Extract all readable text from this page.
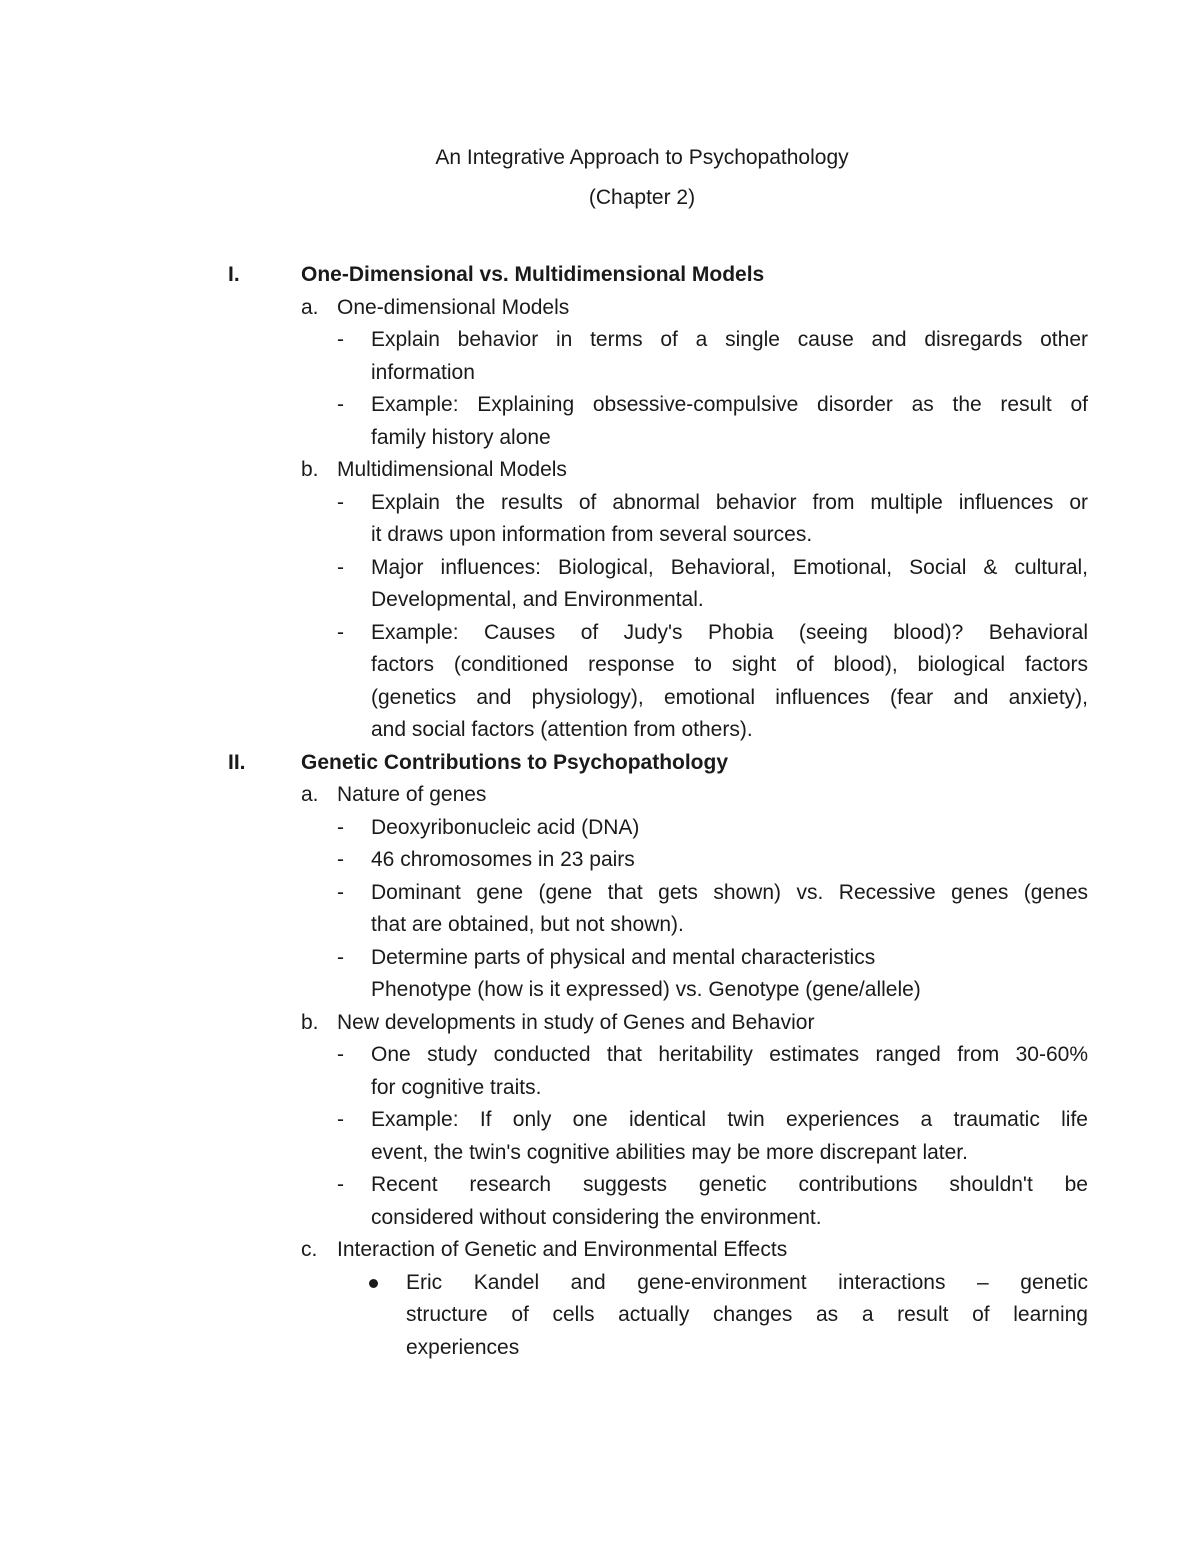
An Integrative Approach to Psychopathology
(Chapter 2)
I.	One-Dimensional vs. Multidimensional Models
a. One-dimensional Models
- Explain behavior in terms of a single cause and disregards other
information
- Example: Explaining obsessive-compulsive disorder as the result of
family history alone
b. Multidimensional Models
- Explain the results of abnormal behavior from multiple influences or
it draws upon information from several sources.
- Major influences: Biological, Behavioral, Emotional, Social & cultural,
Developmental, and Environmental.
- Example: Causes of Judy's Phobia (seeing blood)? Behavioral
factors (conditioned response to sight of blood), biological factors
(genetics and physiology), emotional influences (fear and anxiety),
and social factors (attention from others).
II.	Genetic Contributions to Psychopathology
a. Nature of genes
- Deoxyribonucleic acid (DNA)
- 46 chromosomes in 23 pairs
- Dominant gene (gene that gets shown) vs. Recessive genes (genes
that are obtained, but not shown).
- Determine parts of physical and mental characteristics
Phenotype (how is it expressed) vs. Genotype (gene/allele)
b. New developments in study of Genes and Behavior
- One study conducted that heritability estimates ranged from 30-60%
for cognitive traits.
- Example: If only one identical twin experiences a traumatic life
event, the twin's cognitive abilities may be more discrepant later.
- Recent research suggests genetic contributions shouldn't be
considered without considering the environment.
c. Interaction of Genetic and Environmental Effects
Eric Kandel and gene-environment interactions – genetic
structure of cells actually changes as a result of learning
experiences
